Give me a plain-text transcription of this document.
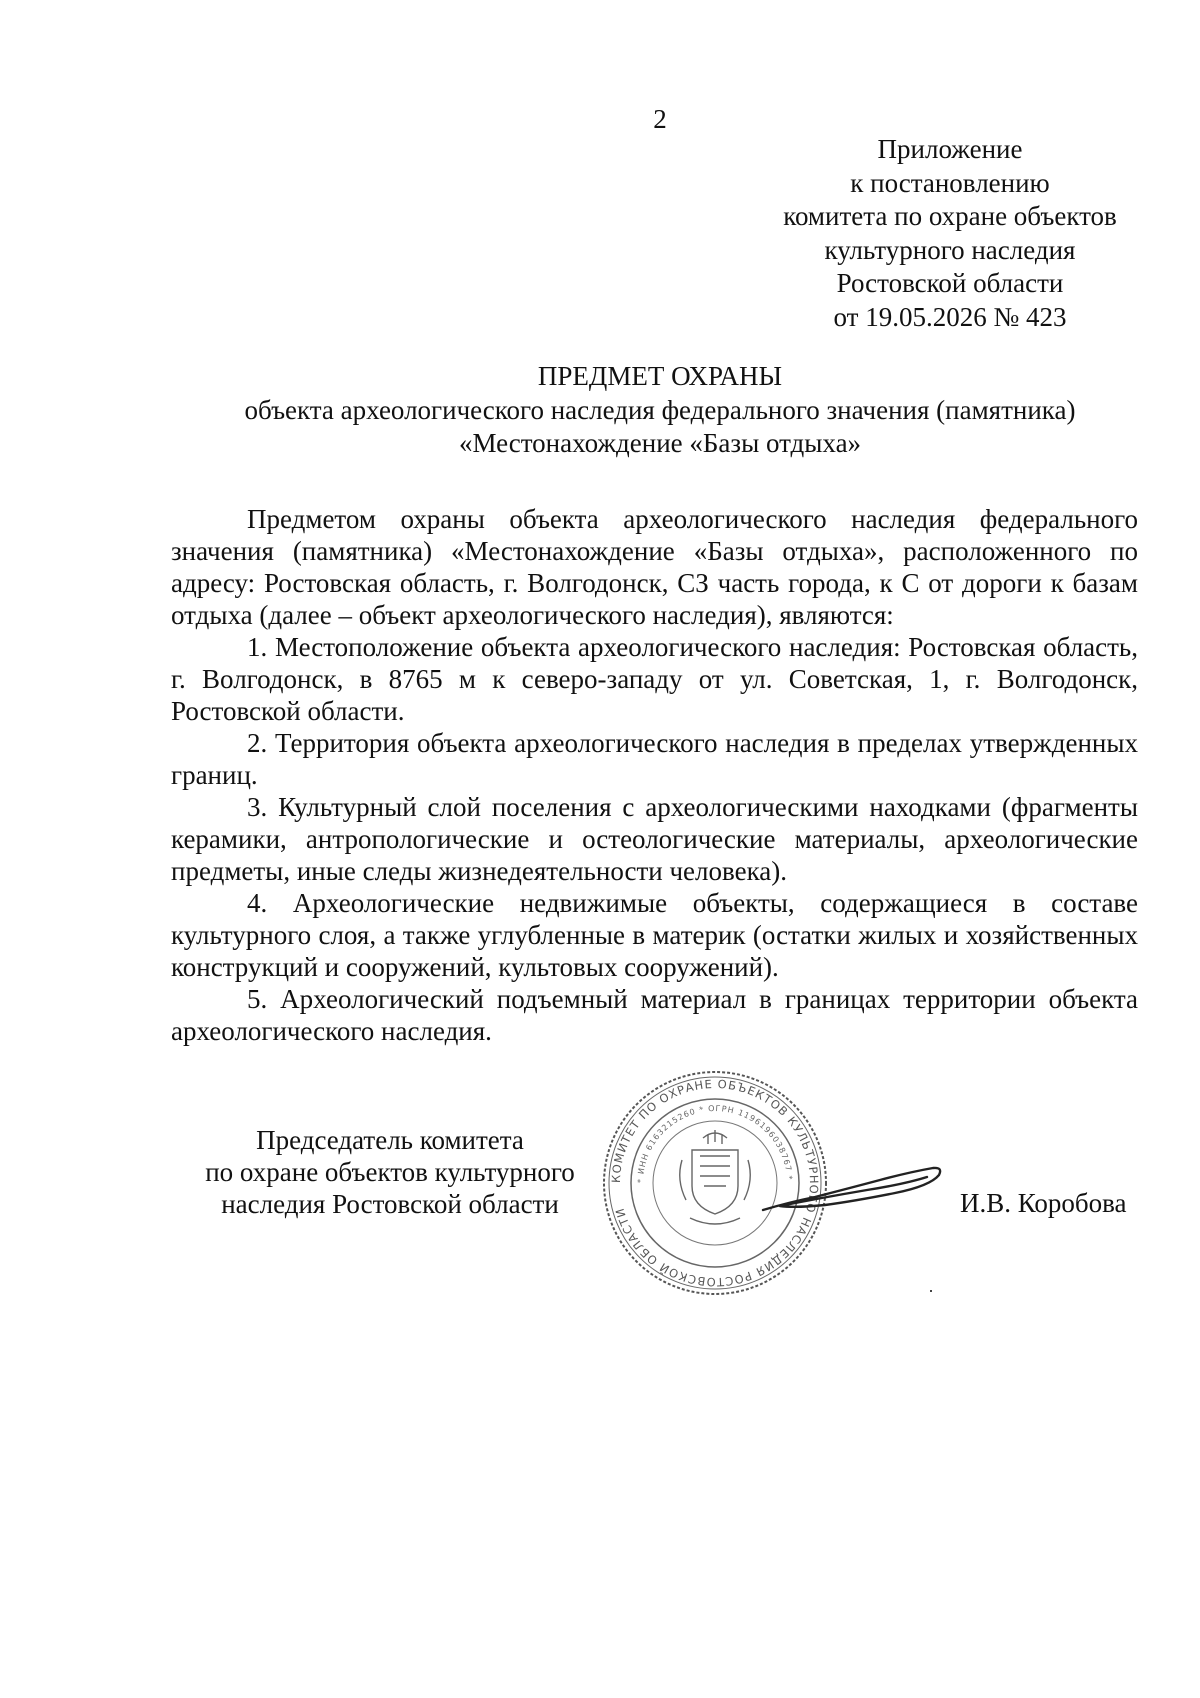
2
Приложение
к постановлению
комитета по охране объектов
культурного наследия
Ростовской области
от 19.05.2026 № 423
ПРЕДМЕТ ОХРАНЫ
объекта археологического наследия федерального значения (памятника)
«Местонахождение «Базы отдыха»

Предметом охраны объекта археологического наследия федерального значения (памятника) «Местонахождение «Базы отдыха», расположенного по адресу: Ростовская область, г. Волгодонск, СЗ часть города, к С от дороги к базам отдыха (далее – объект археологического наследия), являются:

1. Местоположение объекта археологического наследия: Ростовская область, г. Волгодонск, в 8765 м к северо-западу от ул. Советская, 1, г. Волгодонск, Ростовской области.

2. Территория объекта археологического наследия в пределах утвержденных границ.

3. Культурный слой поселения с археологическими находками (фрагменты керамики, антропологические и остеологические материалы, археологические предметы, иные следы жизнедеятельности человека).

4. Археологические недвижимые объекты, содержащиеся в составе культурного слоя, а также углубленные в материк (остатки жилых и хозяйственных конструкций и сооружений, культовых сооружений).

5. Археологический подъемный материал в границах территории объекта археологического наследия.

Председатель комитета
по охране объектов культурного
наследия Ростовской области
КОМИТЕТ ПО ОХРАНЕ ОБЪЕКТОВ КУЛЬТУРНОГО НАСЛЕДИЯ РОСТОВСКОЙ ОБЛАСТИ
* ИНН 6163215260 * ОГРН 1196196038767 *
И.В. Коробова
